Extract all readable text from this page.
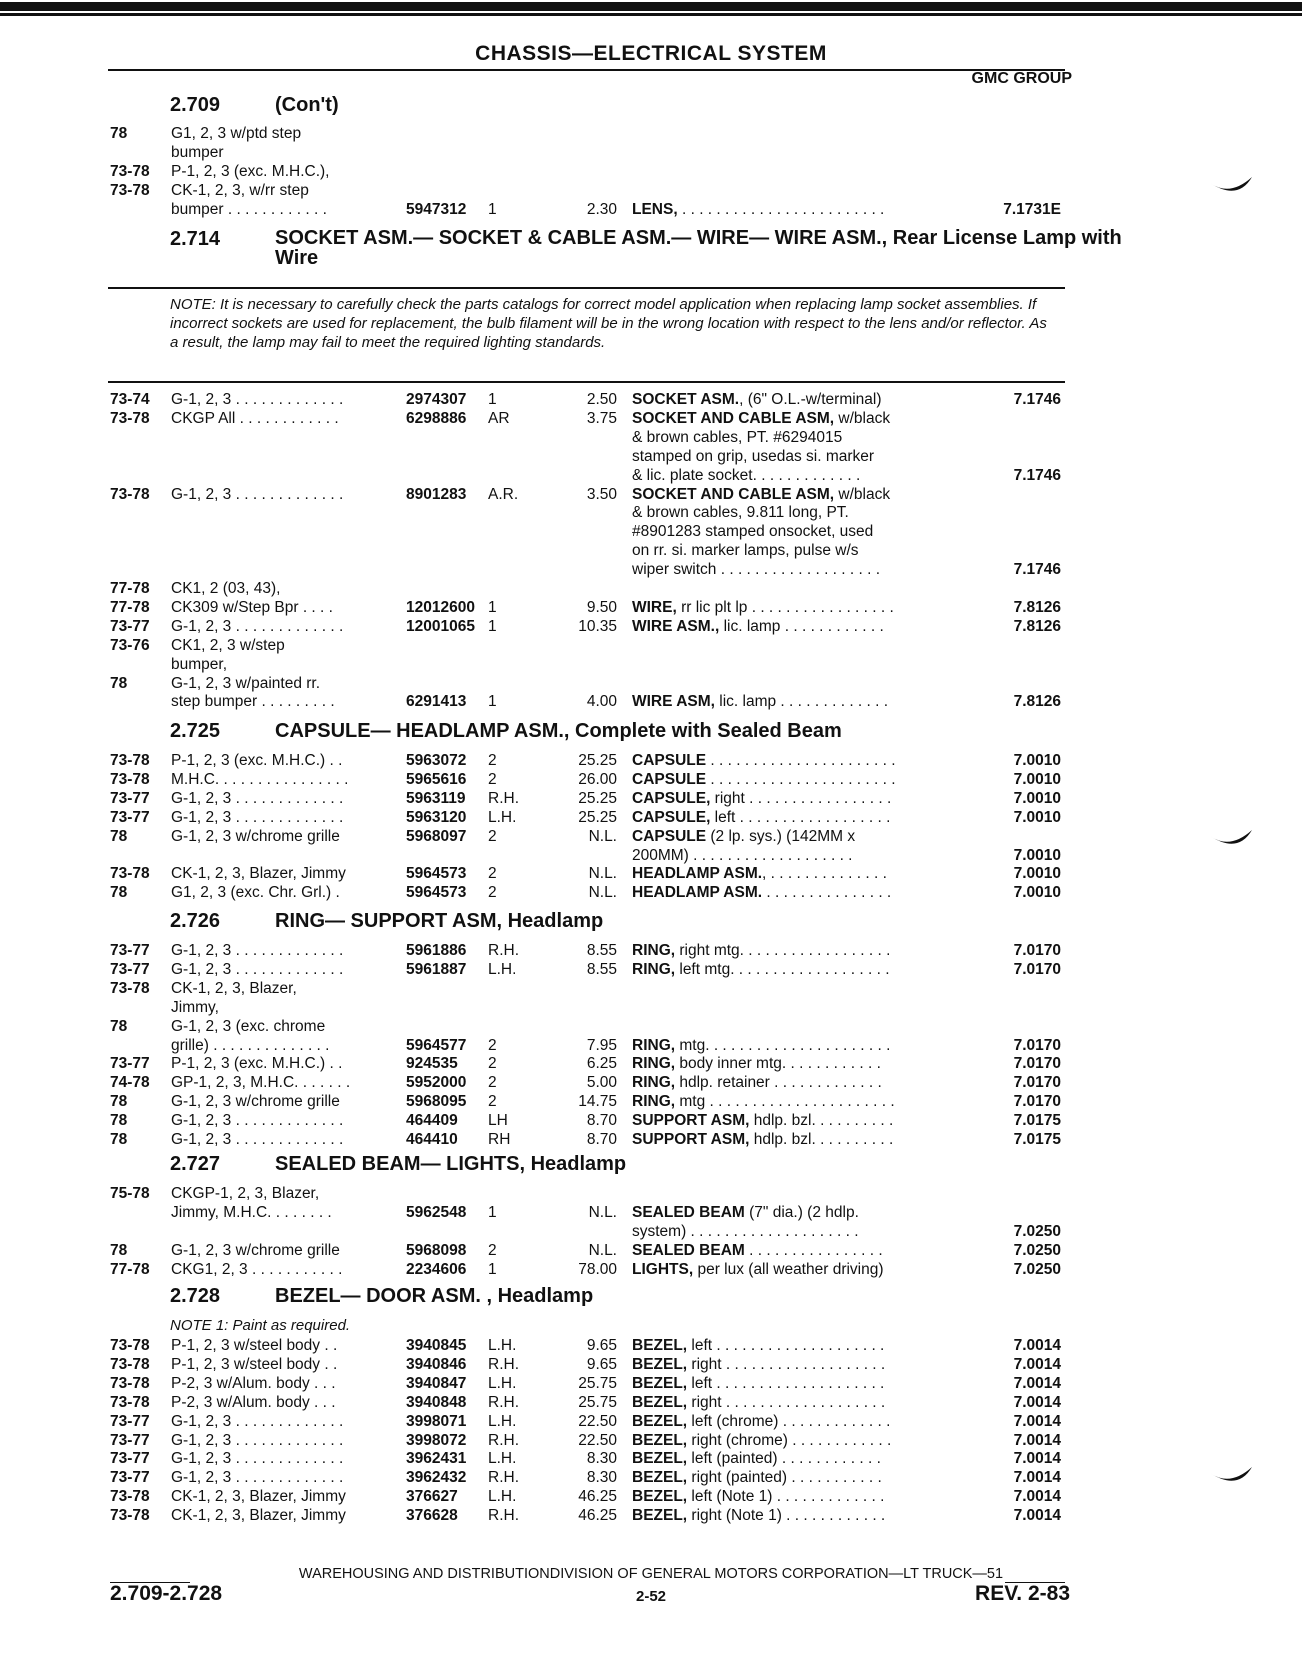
CHASSIS—ELECTRICAL SYSTEM
GMC GROUP
2.709	(Con't)
78	G1, 2, 3 w/ptd step
bumper
73-78	P-1, 2, 3 (exc. M.H.C.),
73-78	CK-1, 2, 3, w/rr step
bumper . . . . . . . . . . . .	5947312	1	2.30 LENS, . . . . . . . . . . . . . . . . . . . . . . . .	7.1731E
2.714	SOCKET ASM.— SOCKET & CABLE ASM.— WIRE— WIRE ASM., Rear License Lamp with Wire
NOTE: It is necessary to carefully check the parts catalogs for correct model application when replacing lamp socket assemblies. If incorrect sockets are used for replacement, the bulb filament will be in the wrong location with respect to the lens and/or reflector. As a result, the lamp may fail to meet the required lighting standards.
73-74	G-1, 2, 3 . . . . . . . . . . . . .	2974307	1	2.50 SOCKET ASM., (6" O.L.-w/terminal)	7.1746
73-78	CKGP All . . . . . . . . . . . .	6298886	AR	3.75 SOCKET AND CABLE ASM, w/black
& brown cables, PT. #6294015
stamped on grip, usedas si. marker
& lic. plate socket. . . . . . . . . . . . .	7.1746
73-78	G-1, 2, 3 . . . . . . . . . . . . .	8901283	A.R.	3.50 SOCKET AND CABLE ASM, w/black
& brown cables, 9.811 long, PT.
#8901283 stamped onsocket, used
on rr. si. marker lamps, pulse w/s
wiper switch . . . . . . . . . . . . . . . . . . .	7.1746
77-78	CK1, 2 (03, 43),
77-78	CK309 w/Step Bpr . . . .	12012600 1	9.50 WIRE, rr lic plt lp . . . . . . . . . . . . . . . . .	7.8126
73-77	G-1, 2, 3 . . . . . . . . . . . . .	12001065 1	10.35 WIRE ASM., lic. lamp . . . . . . . . . . . .	7.8126
73-76	CK1, 2, 3 w/step
bumper,
78	G-1, 2, 3 w/painted rr.
step bumper . . . . . . . . .	6291413	1	4.00 WIRE ASM, lic. lamp . . . . . . . . . . . . .	7.8126
2.725	CAPSULE— HEADLAMP ASM., Complete with Sealed Beam
73-78	P-1, 2, 3 (exc. M.H.C.) . .	5963072	2	25.25 CAPSULE . . . . . . . . . . . . . . . . . . . . . .	7.0010
73-78	M.H.C. . . . . . . . . . . . . . . .	5965616	2	26.00 CAPSULE . . . . . . . . . . . . . . . . . . . . . .	7.0010
73-77	G-1, 2, 3 . . . . . . . . . . . . .	5963119	R.H.	25.25 CAPSULE, right . . . . . . . . . . . . . . . . .	7.0010
73-77	G-1, 2, 3 . . . . . . . . . . . . .	5963120	L.H.	25.25 CAPSULE, left . . . . . . . . . . . . . . . . . .	7.0010
78	G-1, 2, 3 w/chrome grille	5968097	2	N.L. CAPSULE (2 lp. sys.) (142MM x
200MM) . . . . . . . . . . . . . . . . . . .	7.0010
73-78	CK-1, 2, 3, Blazer, Jimmy	5964573	2	N.L. HEADLAMP ASM., . . . . . . . . . . . . . .	7.0010
78	G1, 2, 3 (exc. Chr. Grl.) .	5964573	2	N.L. HEADLAMP ASM. . . . . . . . . . . . . . . .	7.0010
2.726	RING— SUPPORT ASM, Headlamp
73-77	G-1, 2, 3 . . . . . . . . . . . . .	5961886	R.H.	8.55 RING, right mtg. . . . . . . . . . . . . . . . . .	7.0170
73-77	G-1, 2, 3 . . . . . . . . . . . . .	5961887	L.H.	8.55 RING, left mtg. . . . . . . . . . . . . . . . . . .	7.0170
73-78	CK-1, 2, 3, Blazer,
Jimmy,
78	G-1, 2, 3 (exc. chrome
grille) . . . . . . . . . . . . . .	5964577	2	7.95 RING, mtg. . . . . . . . . . . . . . . . . . . . . .	7.0170
73-77	P-1, 2, 3 (exc. M.H.C.) . .	924535	2	6.25 RING, body inner mtg. . . . . . . . . . . .	7.0170
74-78	GP-1, 2, 3, M.H.C. . . . . . .	5952000	2	5.00 RING, hdlp. retainer . . . . . . . . . . . . .	7.0170
78	G-1, 2, 3 w/chrome grille	5968095	2	14.75 RING, mtg . . . . . . . . . . . . . . . . . . . . . .	7.0170
78	G-1, 2, 3 . . . . . . . . . . . . .	464409	LH	8.70 SUPPORT ASM, hdlp. bzl. . . . . . . . . .	7.0175
78	G-1, 2, 3 . . . . . . . . . . . . .	464410	RH	8.70 SUPPORT ASM, hdlp. bzl. . . . . . . . . .	7.0175
2.727	SEALED BEAM— LIGHTS, Headlamp
75-78	CKGP-1, 2, 3, Blazer,
Jimmy, M.H.C. . . . . . . .	5962548	1	N.L. SEALED BEAM (7" dia.) (2 hdlp.
system) . . . . . . . . . . . . . . . . . . . .	7.0250
78	G-1, 2, 3 w/chrome grille	5968098	2	N.L. SEALED BEAM . . . . . . . . . . . . . . . .	7.0250
77-78	CKG1, 2, 3 . . . . . . . . . . .	2234606	1	78.00 LIGHTS, per lux (all weather driving)	7.0250
2.728	BEZEL— DOOR ASM. , Headlamp
NOTE 1: Paint as required.
73-78	P-1, 2, 3 w/steel body . .	3940845	L.H.	9.65 BEZEL, left . . . . . . . . . . . . . . . . . . . .	7.0014
73-78	P-1, 2, 3 w/steel body . .	3940846	R.H.	9.65 BEZEL, right . . . . . . . . . . . . . . . . . . .	7.0014
73-78	P-2, 3 w/Alum. body . . .	3940847	L.H.	25.75 BEZEL, left . . . . . . . . . . . . . . . . . . . .	7.0014
73-78	P-2, 3 w/Alum. body . . .	3940848	R.H.	25.75 BEZEL, right . . . . . . . . . . . . . . . . . . .	7.0014
73-77	G-1, 2, 3 . . . . . . . . . . . . .	3998071	L.H.	22.50 BEZEL, left (chrome) . . . . . . . . . . . . .	7.0014
73-77	G-1, 2, 3 . . . . . . . . . . . . .	3998072	R.H.	22.50 BEZEL, right (chrome) . . . . . . . . . . . .	7.0014
73-77	G-1, 2, 3 . . . . . . . . . . . . .	3962431	L.H.	8.30 BEZEL, left (painted) . . . . . . . . . . . .	7.0014
73-77	G-1, 2, 3 . . . . . . . . . . . . .	3962432	R.H.	8.30 BEZEL, right (painted) . . . . . . . . . . .	7.0014
73-78	CK-1, 2, 3, Blazer, Jimmy	376627	L.H.	46.25 BEZEL, left (Note 1) . . . . . . . . . . . . .	7.0014
73-78	CK-1, 2, 3, Blazer, Jimmy	376628	R.H.	46.25 BEZEL, right (Note 1) . . . . . . . . . . . .	7.0014
WAREHOUSING AND DISTRIBUTIONDIVISION OF GENERAL MOTORS CORPORATION—LT TRUCK—51
2.709-2.728	2-52	REV. 2-83
